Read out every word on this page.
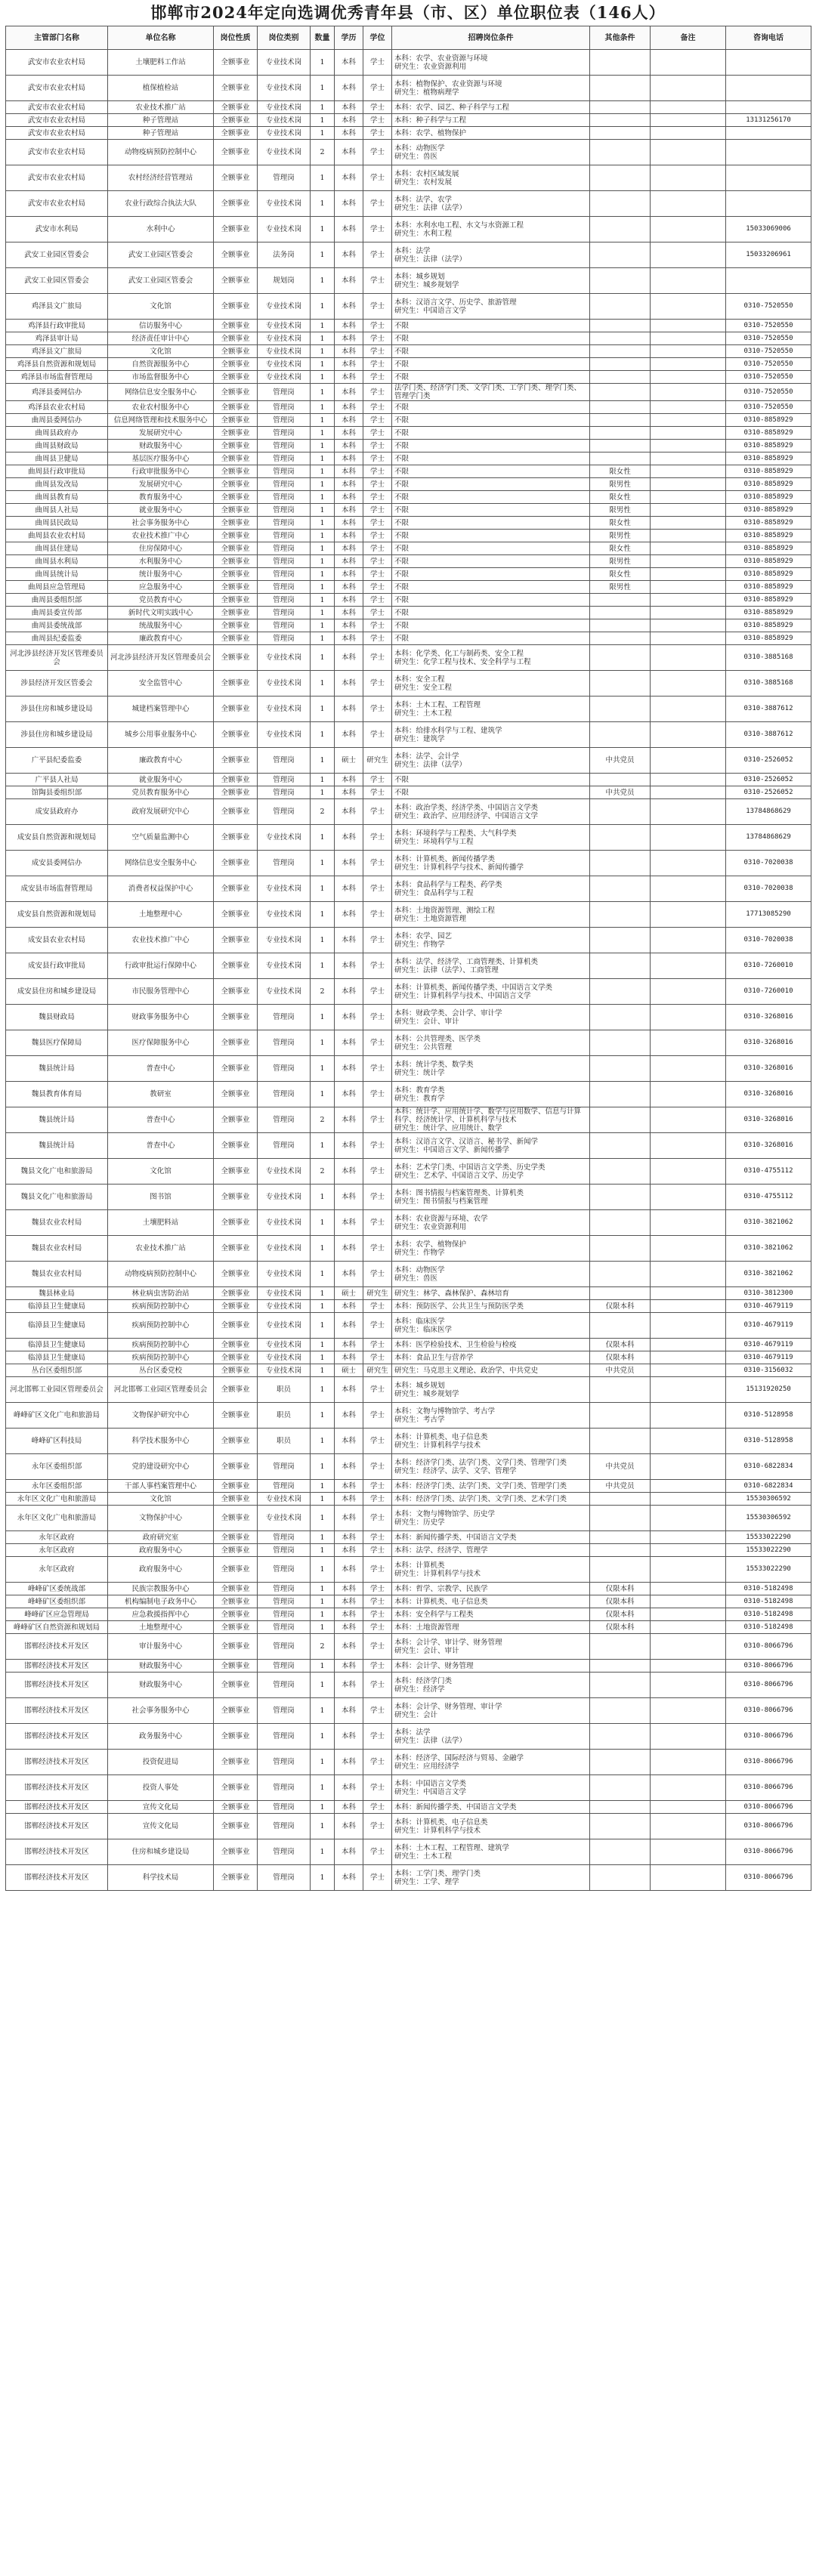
邯郸市2024年定向选调优秀青年县（市、区）单位职位表（146人）
主管部门名称	单位名称	岗位性质	岗位类别	数量	学历	学位	招聘岗位条件	其他条件	备注	咨询电话
武安市农业农村局	土壤肥料工作站	全额事业	专业技术岗	1	本科	学士	本科：农学、农业资源与环境
研究生：农业资源利用			
武安市农业农村局	植保植检站	全额事业	专业技术岗	1	本科	学士	本科：植物保护、农业资源与环境
研究生：植物病理学			
武安市农业农村局	农业技术推广站	全额事业	专业技术岗	1	本科	学士	本科：农学、园艺、种子科学与工程			
武安市农业农村局	种子管理站	全额事业	专业技术岗	1	本科	学士	本科：种子科学与工程			13131256170
武安市农业农村局	种子管理站	全额事业	专业技术岗	1	本科	学士	本科：农学、植物保护			
武安市农业农村局	动物疫病预防控制中心	全额事业	专业技术岗	2	本科	学士	本科：动物医学
研究生：兽医			
武安市农业农村局	农村经济经营管理站	全额事业	管理岗	1	本科	学士	本科：农村区域发展
研究生：农村发展			
武安市农业农村局	农业行政综合执法大队	全额事业	专业技术岗	1	本科	学士	本科：法学、农学
研究生：法律（法学）			
武安市水利局	水利中心	全额事业	专业技术岗	1	本科	学士	本科：水利水电工程、水文与水资源工程
研究生：水利工程			15033069006
武安工业园区管委会	武安工业园区管委会	全额事业	法务岗	1	本科	学士	本科：法学
研究生：法律（法学）			15033206961
武安工业园区管委会	武安工业园区管委会	全额事业	规划岗	1	本科	学士	本科：城乡规划
研究生：城乡规划学			
鸡泽县文广旅局	文化馆	全额事业	专业技术岗	1	本科	学士	本科：汉语言文学、历史学、旅游管理
研究生：中国语言文学			0310-7520550
鸡泽县行政审批局	信访服务中心	全额事业	专业技术岗	1	本科	学士	不限			0310-7520550
鸡泽县审计局	经济责任审计中心	全额事业	专业技术岗	1	本科	学士	不限			0310-7520550
鸡泽县文广旅局	文化馆	全额事业	专业技术岗	1	本科	学士	不限			0310-7520550
鸡泽县自然资源和规划局	自然资源服务中心	全额事业	专业技术岗	1	本科	学士	不限			0310-7520550
鸡泽县市场监督管理局	市场监督服务中心	全额事业	专业技术岗	1	本科	学士	不限			0310-7520550
鸡泽县委网信办	网络信息安全服务中心	全额事业	管理岗	1	本科	学士	法学门类、经济学门类、文学门类、工学门类、理学门类、管理学门类			0310-7520550
鸡泽县农业农村局	农业农村服务中心	全额事业	管理岗	1	本科	学士	不限			0310-7520550
曲周县委网信办	信息网络管理和技术服务中心	全额事业	管理岗	1	本科	学士	不限			0310-8858929
曲周县政府办	发展研究中心	全额事业	管理岗	1	本科	学士	不限			0310-8858929
曲周县财政局	财政服务中心	全额事业	管理岗	1	本科	学士	不限			0310-8858929
曲周县卫健局	基层医疗服务中心	全额事业	管理岗	1	本科	学士	不限			0310-8858929
曲周县行政审批局	行政审批服务中心	全额事业	管理岗	1	本科	学士	不限	限女性		0310-8858929
曲周县发改局	发展研究中心	全额事业	管理岗	1	本科	学士	不限	限男性		0310-8858929
曲周县教育局	教育服务中心	全额事业	管理岗	1	本科	学士	不限	限女性		0310-8858929
曲周县人社局	就业服务中心	全额事业	管理岗	1	本科	学士	不限	限男性		0310-8858929
曲周县民政局	社会事务服务中心	全额事业	管理岗	1	本科	学士	不限	限女性		0310-8858929
曲周县农业农村局	农业技术推广中心	全额事业	管理岗	1	本科	学士	不限	限男性		0310-8858929
曲周县住建局	住房保障中心	全额事业	管理岗	1	本科	学士	不限	限女性		0310-8858929
曲周县水利局	水利服务中心	全额事业	管理岗	1	本科	学士	不限	限男性		0310-8858929
曲周县统计局	统计服务中心	全额事业	管理岗	1	本科	学士	不限	限女性		0310-8858929
曲周县应急管理局	应急服务中心	全额事业	管理岗	1	本科	学士	不限	限男性		0310-8858929
曲周县委组织部	党员教育中心	全额事业	管理岗	1	本科	学士	不限			0310-8858929
曲周县委宣传部	新时代文明实践中心	全额事业	管理岗	1	本科	学士	不限			0310-8858929
曲周县委统战部	统战服务中心	全额事业	管理岗	1	本科	学士	不限			0310-8858929
曲周县纪委监委	廉政教育中心	全额事业	管理岗	1	本科	学士	不限			0310-8858929
河北涉县经济开发区管理委员会	河北涉县经济开发区管理委员会	全额事业	专业技术岗	1	本科	学士	本科：化学类、化工与制药类、安全工程
研究生：化学工程与技术、安全科学与工程			0310-3885168
涉县经济开发区管委会	安全监管中心	全额事业	专业技术岗	1	本科	学士	本科：安全工程
研究生：安全工程			0310-3885168
涉县住房和城乡建设局	城建档案管理中心	全额事业	专业技术岗	1	本科	学士	本科：土木工程、工程管理
研究生：土木工程			0310-3887612
涉县住房和城乡建设局	城乡公用事业服务中心	全额事业	专业技术岗	1	本科	学士	本科：给排水科学与工程、建筑学
研究生：建筑学			0310-3887612
广平县纪委监委	廉政教育中心	全额事业	管理岗	1	硕士	研究生	本科：法学、会计学
研究生：法律（法学）	中共党员		0310-2526052
广平县人社局	就业服务中心	全额事业	管理岗	1	本科	学士	不限			0310-2526052
馆陶县委组织部	党员教育服务中心	全额事业	管理岗	1	本科	学士	不限	中共党员		0310-2526052
成安县政府办	政府发展研究中心	全额事业	管理岗	2	本科	学士	本科：政治学类、经济学类、中国语言文学类
研究生：政治学、应用经济学、中国语言文学			13784868629
成安县自然资源和规划局	空气质量监测中心	全额事业	专业技术岗	1	本科	学士	本科：环境科学与工程类、大气科学类
研究生：环境科学与工程			13784868629
成安县委网信办	网络信息安全服务中心	全额事业	管理岗	1	本科	学士	本科：计算机类、新闻传播学类
研究生：计算机科学与技术、新闻传播学			0310-7020038
成安县市场监督管理局	消费者权益保护中心	全额事业	专业技术岗	1	本科	学士	本科：食品科学与工程类、药学类
研究生：食品科学与工程			0310-7020038
成安县自然资源和规划局	土地整理中心	全额事业	专业技术岗	1	本科	学士	本科：土地资源管理、测绘工程
研究生：土地资源管理			17713085290
成安县农业农村局	农业技术推广中心	全额事业	专业技术岗	1	本科	学士	本科：农学、园艺
研究生：作物学			0310-7020038
成安县行政审批局	行政审批运行保障中心	全额事业	专业技术岗	1	本科	学士	本科：法学、经济学、工商管理类、计算机类
研究生：法律（法学）、工商管理			0310-7260010
成安县住房和城乡建设局	市民服务管理中心	全额事业	专业技术岗	2	本科	学士	本科：计算机类、新闻传播学类、中国语言文学类
研究生：计算机科学与技术、中国语言文学			0310-7260010
魏县财政局	财政事务服务中心	全额事业	管理岗	1	本科	学士	本科：财政学类、会计学、审计学
研究生：会计、审计			0310-3268016
魏县医疗保障局	医疗保障服务中心	全额事业	管理岗	1	本科	学士	本科：公共管理类、医学类
研究生：公共管理			0310-3268016
魏县统计局	普查中心	全额事业	管理岗	1	本科	学士	本科：统计学类、数学类
研究生：统计学			0310-3268016
魏县教育体育局	教研室	全额事业	管理岗	1	本科	学士	本科：教育学类
研究生：教育学			0310-3268016
魏县统计局	普查中心	全额事业	管理岗	2	本科	学士	本科：统计学、应用统计学、数学与应用数学、信息与计算科学、经济统计学、计算机科学与技术
研究生：统计学、应用统计、数学			0310-3268016
魏县统计局	普查中心	全额事业	管理岗	1	本科	学士	本科：汉语言文学、汉语言、秘书学、新闻学
研究生：中国语言文学、新闻传播学			0310-3268016
魏县文化广电和旅游局	文化馆	全额事业	专业技术岗	2	本科	学士	本科：艺术学门类、中国语言文学类、历史学类
研究生：艺术学、中国语言文学、历史学			0310-4755112
魏县文化广电和旅游局	图书馆	全额事业	专业技术岗	1	本科	学士	本科：图书情报与档案管理类、计算机类
研究生：图书情报与档案管理			0310-4755112
魏县农业农村局	土壤肥料站	全额事业	专业技术岗	1	本科	学士	本科：农业资源与环境、农学
研究生：农业资源利用			0310-3821062
魏县农业农村局	农业技术推广站	全额事业	专业技术岗	1	本科	学士	本科：农学、植物保护
研究生：作物学			0310-3821062
魏县农业农村局	动物疫病预防控制中心	全额事业	专业技术岗	1	本科	学士	本科：动物医学
研究生：兽医			0310-3821062
魏县林业局	林业病虫害防治站	全额事业	专业技术岗	1	硕士	研究生	研究生：林学、森林保护、森林培育			0310-3812300
临漳县卫生健康局	疾病预防控制中心	全额事业	专业技术岗	1	本科	学士	本科：预防医学、公共卫生与预防医学类	仅限本科		0310-4679119
临漳县卫生健康局	疾病预防控制中心	全额事业	专业技术岗	1	本科	学士	本科：临床医学
研究生：临床医学			0310-4679119
临漳县卫生健康局	疾病预防控制中心	全额事业	专业技术岗	1	本科	学士	本科：医学检验技术、卫生检验与检疫	仅限本科		0310-4679119
临漳县卫生健康局	疾病预防控制中心	全额事业	专业技术岗	1	本科	学士	本科：食品卫生与营养学	仅限本科		0310-4679119
丛台区委组织部	丛台区委党校	全额事业	专业技术岗	1	硕士	研究生	研究生：马克思主义理论、政治学、中共党史	中共党员		0310-3156032
河北邯郸工业园区管理委员会	河北邯郸工业园区管理委员会	全额事业	职员	1	本科	学士	本科：城乡规划
研究生：城乡规划学			15131920250
峰峰矿区文化广电和旅游局	文物保护研究中心	全额事业	职员	1	本科	学士	本科：文物与博物馆学、考古学
研究生：考古学			0310-5128958
峰峰矿区科技局	科学技术服务中心	全额事业	职员	1	本科	学士	本科：计算机类、电子信息类
研究生：计算机科学与技术			0310-5128958
永年区委组织部	党的建设研究中心	全额事业	管理岗	1	本科	学士	本科：经济学门类、法学门类、文学门类、管理学门类
研究生：经济学、法学、文学、管理学	中共党员		0310-6822834
永年区委组织部	干部人事档案管理中心	全额事业	管理岗	1	本科	学士	本科：经济学门类、法学门类、文学门类、管理学门类	中共党员		0310-6822834
永年区文化广电和旅游局	文化馆	全额事业	专业技术岗	1	本科	学士	本科：经济学门类、法学门类、文学门类、艺术学门类			15530306592
永年区文化广电和旅游局	文物保护中心	全额事业	专业技术岗	1	本科	学士	本科：文物与博物馆学、历史学
研究生：历史学			15530306592
永年区政府	政府研究室	全额事业	管理岗	1	本科	学士	本科：新闻传播学类、中国语言文学类			15533022290
永年区政府	政府服务中心	全额事业	管理岗	1	本科	学士	本科：法学、经济学、管理学			15533022290
永年区政府	政府服务中心	全额事业	管理岗	1	本科	学士	本科：计算机类
研究生：计算机科学与技术			15533022290
峰峰矿区委统战部	民族宗教服务中心	全额事业	管理岗	1	本科	学士	本科：哲学、宗教学、民族学	仅限本科		0310-5182498
峰峰矿区委组织部	机构编制电子政务中心	全额事业	管理岗	1	本科	学士	本科：计算机类、电子信息类	仅限本科		0310-5182498
峰峰矿区应急管理局	应急救援指挥中心	全额事业	管理岗	1	本科	学士	本科：安全科学与工程类	仅限本科		0310-5182498
峰峰矿区自然资源和规划局	土地整理中心	全额事业	管理岗	1	本科	学士	本科：土地资源管理	仅限本科		0310-5182498
邯郸经济技术开发区	审计服务中心	全额事业	管理岗	2	本科	学士	本科：会计学、审计学、财务管理
研究生：会计、审计			0310-8066796
邯郸经济技术开发区	财政服务中心	全额事业	管理岗	1	本科	学士	本科：会计学、财务管理			0310-8066796
邯郸经济技术开发区	财政服务中心	全额事业	管理岗	1	本科	学士	本科：经济学门类
研究生：经济学			0310-8066796
邯郸经济技术开发区	社会事务服务中心	全额事业	管理岗	1	本科	学士	本科：会计学、财务管理、审计学
研究生：会计			0310-8066796
邯郸经济技术开发区	政务服务中心	全额事业	管理岗	1	本科	学士	本科：法学
研究生：法律（法学）			0310-8066796
邯郸经济技术开发区	投资促进局	全额事业	管理岗	1	本科	学士	本科：经济学、国际经济与贸易、金融学
研究生：应用经济学			0310-8066796
邯郸经济技术开发区	投资人事处	全额事业	管理岗	1	本科	学士	本科：中国语言文学类
研究生：中国语言文学			0310-8066796
邯郸经济技术开发区	宣传文化局	全额事业	管理岗	1	本科	学士	本科：新闻传播学类、中国语言文学类			0310-8066796
邯郸经济技术开发区	宣传文化局	全额事业	管理岗	1	本科	学士	本科：计算机类、电子信息类
研究生：计算机科学与技术			0310-8066796
邯郸经济技术开发区	住房和城乡建设局	全额事业	管理岗	1	本科	学士	本科：土木工程、工程管理、建筑学
研究生：土木工程			0310-8066796
邯郸经济技术开发区	科学技术局	全额事业	管理岗	1	本科	学士	本科：工学门类、理学门类
研究生：工学、理学			0310-8066796
